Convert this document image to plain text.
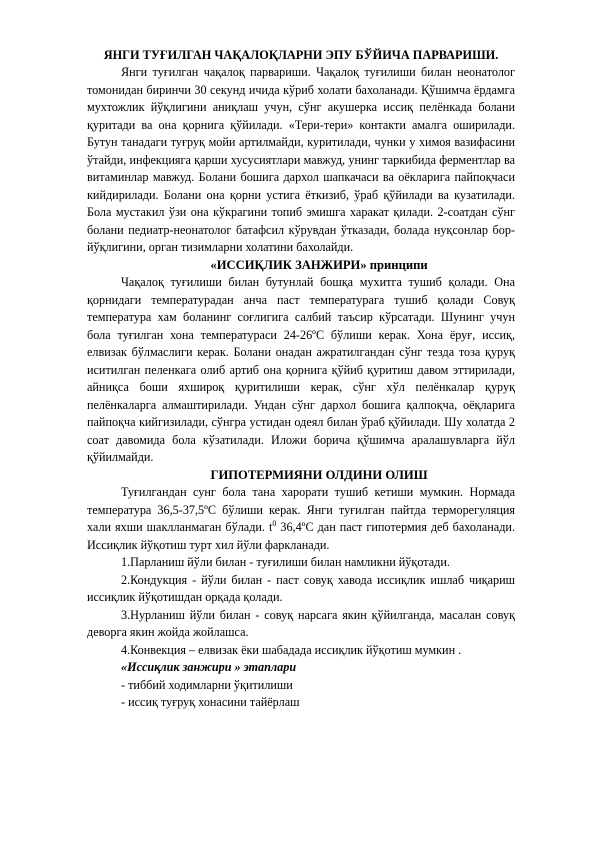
ЯНГИ ТУҒИЛГАН ЧАҚАЛОҚЛАРНИ ЭПУ БЎЙИЧА ПАРВАРИШИ.

Янги туғилган чақалоқ парвариши. Чақалоқ туғилиши билан неонатолог томонидан биринчи 30 секунд ичида кўриб холати бахоланади. Қўшимча ёрдамга мухтожлик йўқлигини аниқлаш учун, сўнг акушерка иссиқ пелёнкада болани қуритади ва она қорнига қўйилади. «Тери-тери» контакти амалга оширилади. Бутун танадаги туғруқ мойи артилмайди, куритилади, чунки у химоя вазифасини ўтайди, инфекцияга қарши хусусиятлари мавжуд, унинг таркибида ферментлар ва витаминлар мавжуд. Болани бошига дархол шапкачаси ва оёкларига пайпоқчаси кийдирилади. Болани она қорни устига ёткизиб, ўраб қўйилади ва кузатилади. Бола мустакил ўзи она кўкрагини топиб эмишга харакат қилади. 2-соатдан сўнг болани педиатр-неонатолог батафсил кўрувдан ўтказади, болада нуқсонлар бор-йўқлигини, орган тизимларни холатини бахолайди.

«ИССИҚЛИК ЗАНЖИРИ» принципи

Чақалоқ туғилиши билан бутунлай бошқа мухитга тушиб қолади. Она қорнидаги температурадан анча паст температурага тушиб қолади Совуқ температура хам боланинг соғлигига салбий таъсир кўрсатади. Шунинг учун бола туғилган хона температураси 24-26ºС бўлиши керак. Хона ёруғ, иссиқ, елвизак бўлмаслиги керак. Болани онадан ажратилгандан сўнг тезда тоза қуруқ иситилган пеленкага олиб артиб она қорнига қўйиб қуритиш давом эттирилади, айниқса боши яхшироқ қуритилиши керак, сўнг хўл пелёнкалар қуруқ пелёнкаларга алмаштирилади. Ундан сўнг дархол бошига қалпоқча, оёқларига пайпоқча кийгизилади, сўнгра устидан одеял билан ўраб қўйилади. Шу холатда 2 соат давомида бола кўзатилади. Иложи борича қўшимча аралашувларга йўл қўйилмайди.

ГИПОТЕРМИЯНИ ОЛДИНИ ОЛИШ

Туғилгандан сунг бола тана харорати тушиб кетиши мумкин. Нормада температура 36,5-37,5ºС бўлиши керак. Янги туғилган пайтда терморегуляция хали яхши шаклланмаган бўлади. $t^0$ 36,4ºС дан паст гипотермия деб бахоланади. Иссиқлик йўқотиш турт хил йўли фаркланади.

1.Парланиш йўли билан - туғилиши билан намликни йўқотади.

2.Кондукция - йўли билан - паст совуқ хавода иссиқлик ишлаб чиқариш иссиқлик йўқотишдан орқада қолади.

3.Нурланиш йўли билан - совуқ нарсага якин қўйилганда, масалан совуқ деворга якин жойда жойлашса.

4.Конвекция – елвизак ёки шабадада иссиқлик йўқотиш мумкин .

«Иссиқлик занжири » этаплари

- тиббий ходимларни ўқитилиши

- иссиқ туғруқ хонасини тайёрлаш
